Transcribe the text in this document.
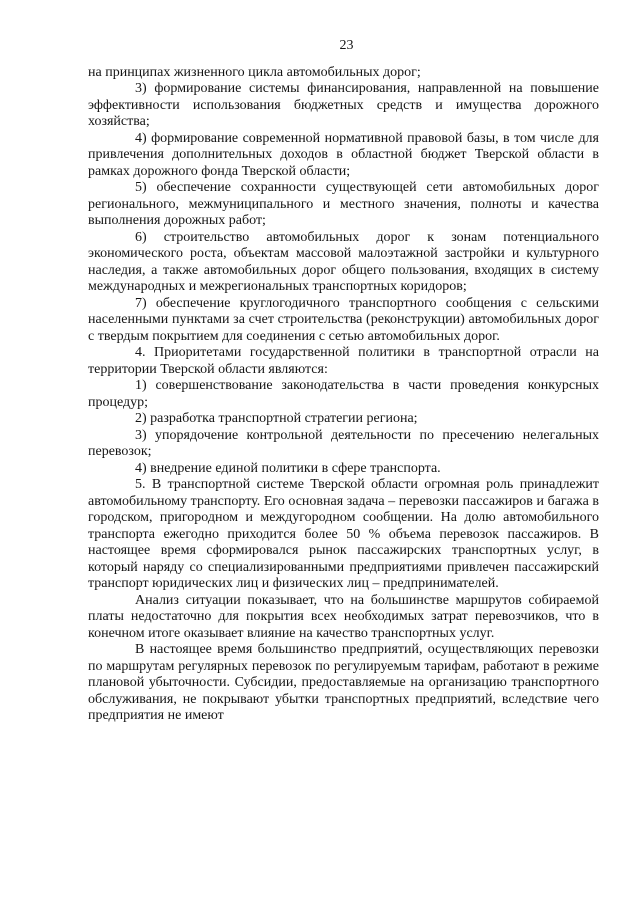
23

на принципах жизненного цикла автомобильных дорог;

3) формирование системы финансирования, направленной на повышение эффективности использования бюджетных средств и имущества дорожного хозяйства;

4) формирование современной нормативной правовой базы, в том числе для привлечения дополнительных доходов в областной бюджет Тверской области в рамках дорожного фонда Тверской области;

5) обеспечение сохранности существующей сети автомобильных дорог регионального, межмуниципального и местного значения, полноты и качества выполнения дорожных работ;

6) строительство автомобильных дорог к зонам потенциального экономического роста, объектам массовой малоэтажной застройки и культурного наследия, а также автомобильных дорог общего пользования, входящих в систему международных и межрегиональных транспортных коридоров;

7) обеспечение круглогодичного транспортного сообщения с сельскими населенными пунктами за счет строительства (реконструкции) автомобильных дорог с твердым покрытием для соединения с сетью автомобильных дорог.

4. Приоритетами государственной политики в транспортной отрасли на территории Тверской области являются:

1) совершенствование законодательства в части проведения конкурсных процедур;

2) разработка транспортной стратегии региона;

3) упорядочение контрольной деятельности по пресечению нелегальных перевозок;

4) внедрение единой политики в сфере транспорта.

5. В транспортной системе Тверской области огромная роль принадлежит автомобильному транспорту. Его основная задача – перевозки пассажиров и багажа в городском, пригородном и междугородном сообщении. На долю автомобильного транспорта ежегодно приходится более 50 % объема перевозок пассажиров. В настоящее время сформировался рынок пассажирских транспортных услуг, в который наряду со специализированными предприятиями привлечен пассажирский транспорт юридических лиц и физических лиц – предпринимателей.

Анализ ситуации показывает, что на большинстве маршрутов собираемой платы недостаточно для покрытия всех необходимых затрат перевозчиков, что в конечном итоге оказывает влияние на качество транспортных услуг.

В настоящее время большинство предприятий, осуществляющих перевозки по маршрутам регулярных перевозок по регулируемым тарифам, работают в режиме плановой убыточности. Субсидии, предоставляемые на организацию транспортного обслуживания, не покрывают убытки транспортных предприятий, вследствие чего предприятия не имеют
